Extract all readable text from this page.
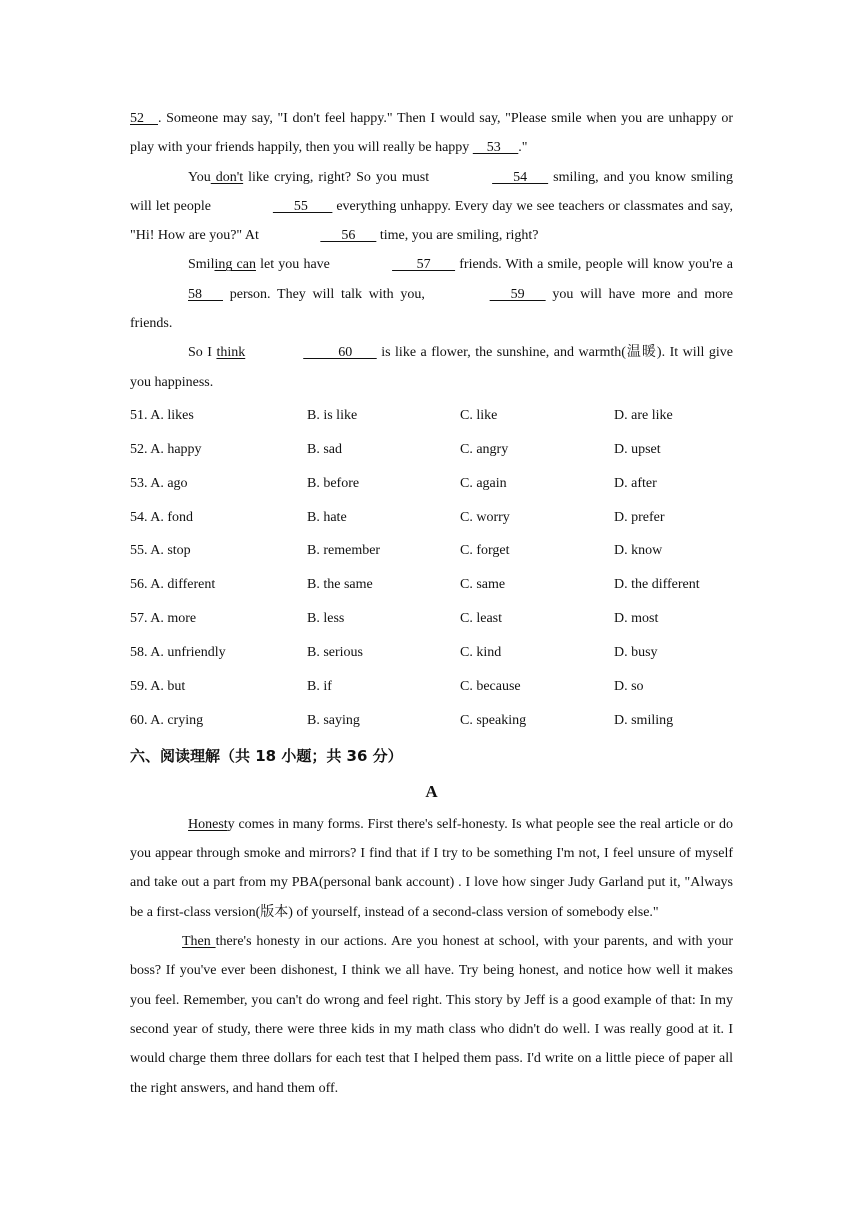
52    . Someone may say, "I don't feel happy." Then I would say, "Please smile when you are unhappy or play with your friends happily, then you will really be happy     53     ."

You don't like crying, right? So you must	54       smiling, and you know smiling will let people	55        everything unhappy. Every day we see teachers or classmates and say, "Hi! How are you?" At	56       time, you are smiling, right?

Smiling can let you have	57        friends. With a smile, people will know you're a 58       person. They will talk with you,	59       you will have more and more friends.

So I think	60        is like a flower, the sunshine, and warmth(温暖). It will give you happiness.

51. A. likes	B. is like	C. like	D. are like
52. A. happy	B. sad	C. angry	D. upset
53. A. ago	B. before	C. again	D. after
54. A. fond	B. hate	C. worry	D. prefer
55. A. stop	B. remember	C. forget	D. know
56. A. different	B. the same	C. same	D. the different
57. A. more	B. less	C. least	D. most
58. A. unfriendly	B. serious	C. kind	D. busy
59. A. but	B. if	C. because	D. so
60. A. crying	B. saying	C. speaking	D. smiling
六、阅读理解（共 18 小题；共 36 分）
A

Honesty comes in many forms. First there's self-honesty. Is what people see the real article or do you appear through smoke and mirrors? I find that if I try to be something I'm not, I feel unsure of myself and take out a part from my PBA(personal bank account) . I love how singer Judy Garland put it, "Always be a first-class version(版本) of yourself, instead of a second-class version of somebody else."

Then there's honesty in our actions. Are you honest at school, with your parents, and with your boss? If you've ever been dishonest, I think we all have. Try being honest, and notice how well it makes you feel. Remember, you can't do wrong and feel right. This story by Jeff is a good example of that: In my second year of study, there were three kids in my math class who didn't do well. I was really good at it. I would charge them three dollars for each test that I helped them pass. I'd write on a little piece of paper all the right answers, and hand them off.
